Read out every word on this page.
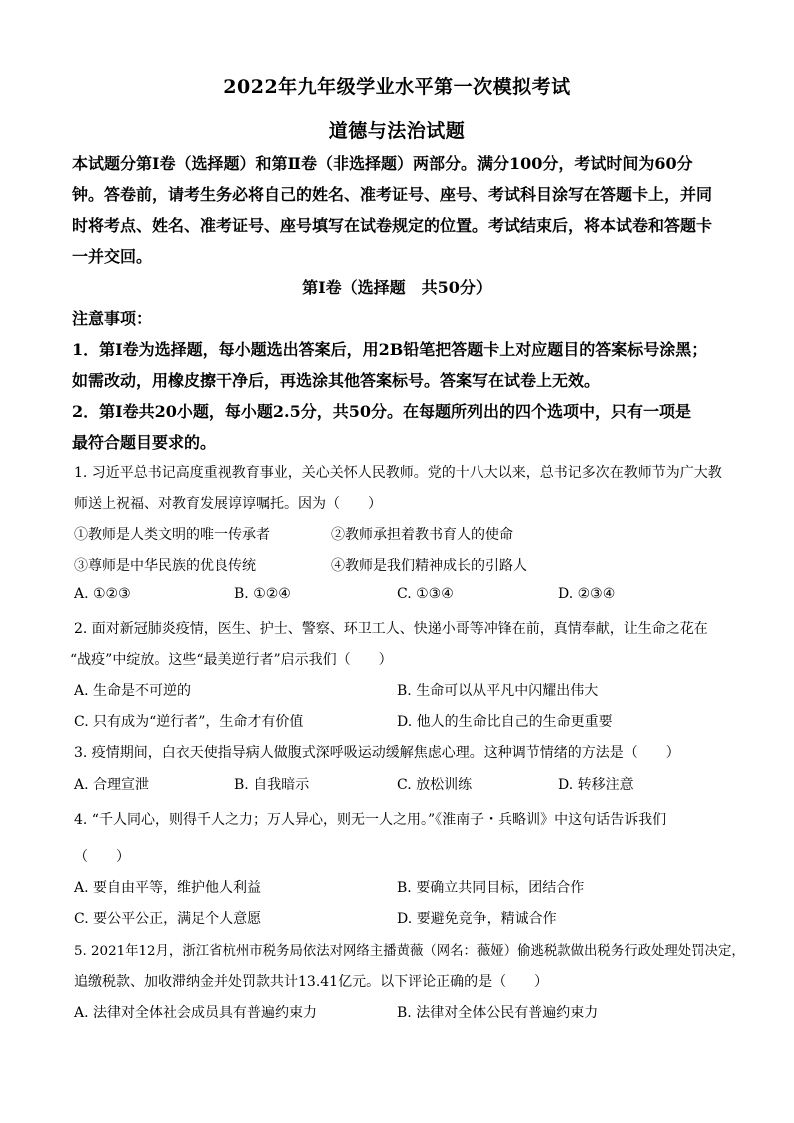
2022年九年级学业水平第一次模拟考试
道德与法治试题
本试题分第Ⅰ卷（选择题）和第Ⅱ卷（非选择题）两部分。满分100分，考试时间为60分
钟。答卷前，请考生务必将自己的姓名、准考证号、座号、考试科目涂写在答题卡上，并同
时将考点、姓名、准考证号、座号填写在试卷规定的位置。考试结束后，将本试卷和答题卡
一并交回。
第Ⅰ卷（选择题　共50分）
注意事项：
1．第Ⅰ卷为选择题，每小题选出答案后，用2B铅笔把答题卡上对应题目的答案标号涂黑；
如需改动，用橡皮擦干净后，再选涂其他答案标号。答案写在试卷上无效。
2．第Ⅰ卷共20小题，每小题2.5分，共50分。在每题所列出的四个选项中，只有一项是
最符合题目要求的。
1. 习近平总书记高度重视教育事业，关心关怀人民教师。党的十八大以来，总书记多次在教师节为广大教
师送上祝福、对教育发展谆谆嘱托。因为（　　）
①教师是人类文明的唯一传承者	②教师承担着教书育人的使命
③尊师是中华民族的优良传统	④教师是我们精神成长的引路人
A. ①②③	B. ①②④	C. ①③④	D. ②③④
2. 面对新冠肺炎疫情，医生、护士、警察、环卫工人、快递小哥等冲锋在前，真情奉献，让生命之花在
“战疫”中绽放。这些“最美逆行者”启示我们（　　）
A. 生命是不可逆的	B. 生命可以从平凡中闪耀出伟大
C. 只有成为“逆行者”，生命才有价值	D. 他人的生命比自己的生命更重要
3. 疫情期间，白衣天使指导病人做腹式深呼吸运动缓解焦虑心理。这种调节情绪的方法是（　　）
A. 合理宣泄	B. 自我暗示	C. 放松训练	D. 转移注意
4. “千人同心，则得千人之力；万人异心，则无一人之用。”《淮南子・兵略训》中这句话告诉我们
（　　）
A. 要自由平等，维护他人利益	B. 要确立共同目标，团结合作
C. 要公平公正，满足个人意愿	D. 要避免竞争，精诚合作
5. 2021年12月，浙江省杭州市税务局依法对网络主播黄薇（网名：薇娅）偷逃税款做出税务行政处理处罚决定，
追缴税款、加收滞纳金并处罚款共计13.41亿元。以下评论正确的是（　　）
A. 法律对全体社会成员具有普遍约束力	B. 法律对全体公民有普遍约束力
